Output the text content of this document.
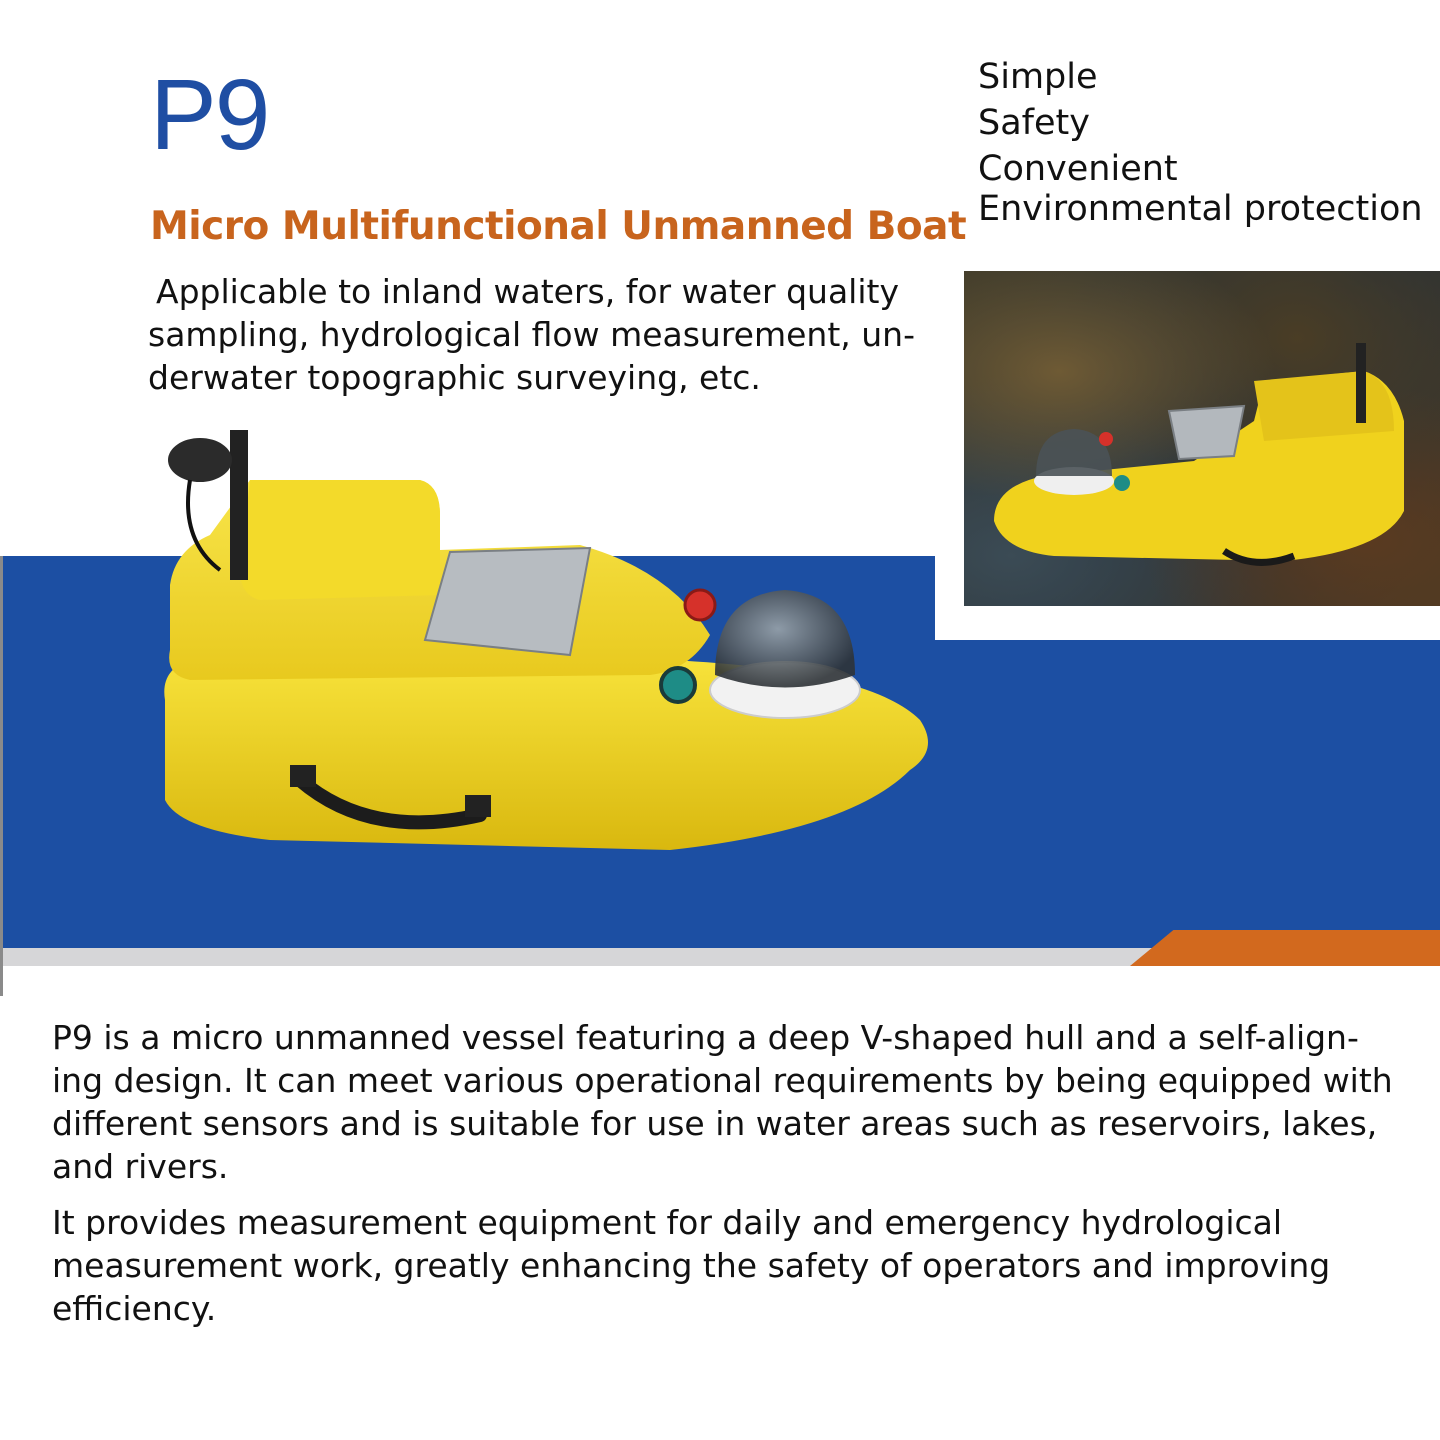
P9
Micro Multifunctional Unmanned Boat

Applicable to inland waters, for water quality sampling, hydrological flow measurement, un-derwater topographic surveying, etc.

Simple
Safety
Convenient
Environmental protection

P9 is a micro unmanned vessel featuring a deep V-shaped hull and a self-align-ing design. It can meet various operational requirements by being equipped with different sensors and is suitable for use in water areas such as reservoirs, lakes, and rivers.

It provides measurement equipment for daily and emergency hydrological measurement work, greatly enhancing the safety of operators and improving efficiency.
